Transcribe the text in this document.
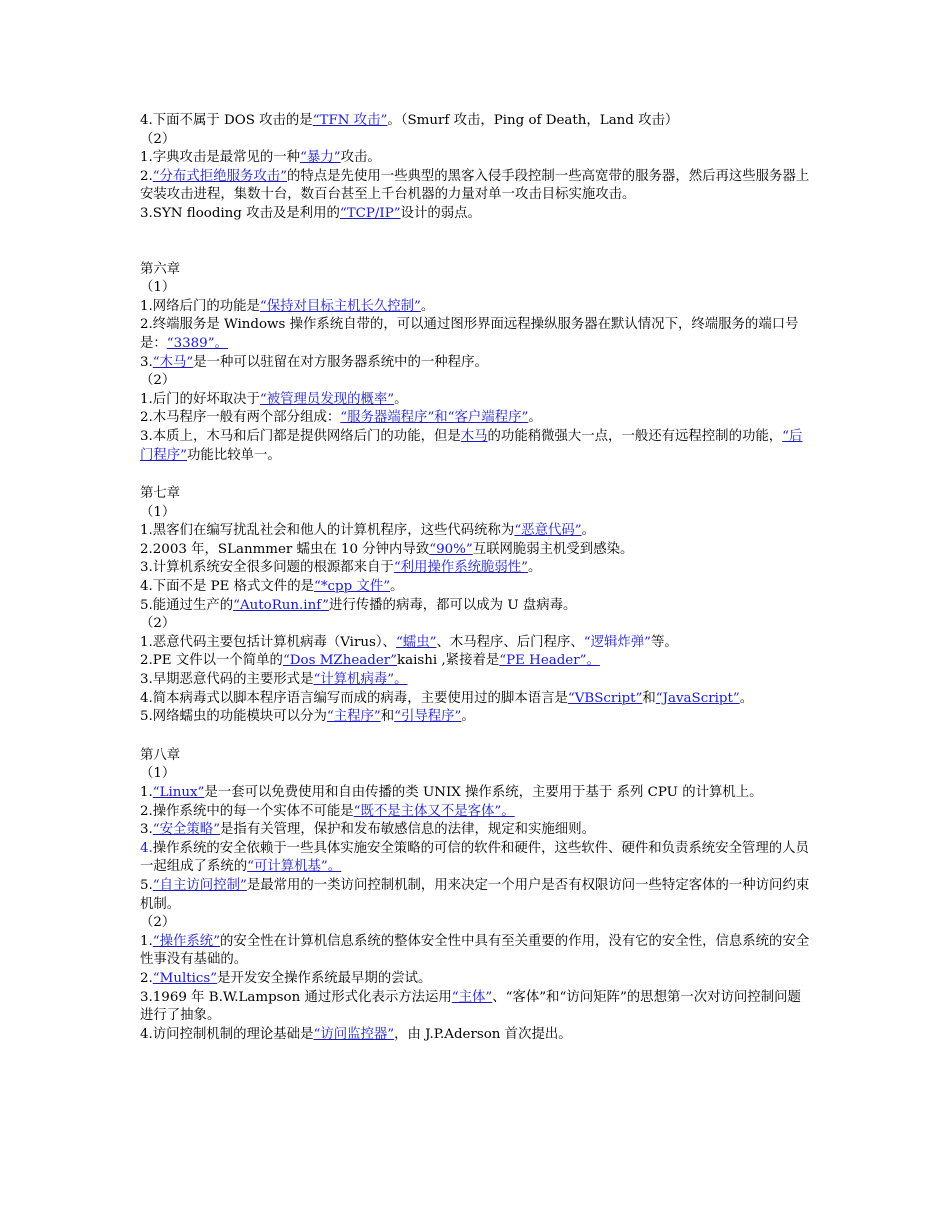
4.下面不属于 DOS 攻击的是“TFN 攻击”。（Smurf 攻击，Ping of Death，Land 攻击）
（2）
1.字典攻击是最常见的一种“暴力”攻击。
2.“分布式拒绝服务攻击”的特点是先使用一些典型的黑客入侵手段控制一些高宽带的服务器，然后再这些服务器上安装攻击进程，集数十台，数百台甚至上千台机器的力量对单一攻击目标实施攻击。
3.SYN flooding 攻击及是利用的“TCP/IP”设计的弱点。
第六章
（1）
1.网络后门的功能是“保持对目标主机长久控制”。
2.终端服务是 Windows 操作系统自带的，可以通过图形界面远程操纵服务器在默认情况下，终端服务的端口号是：“3389”。
3.“木马”是一种可以驻留在对方服务器系统中的一种程序。
（2）
1.后门的好坏取决于“被管理员发现的概率”。
2.木马程序一般有两个部分组成：“服务器端程序”和“客户端程序”。
3.本质上，木马和后门都是提供网络后门的功能，但是木马的功能稍微强大一点，一般还有远程控制的功能，“后门程序”功能比较单一。
第七章
（1）
1.黑客们在编写扰乱社会和他人的计算机程序，这些代码统称为“恶意代码”。
2.2003 年，SLanmmer 蠕虫在 10 分钟内导致“90%”互联网脆弱主机受到感染。
3.计算机系统安全很多问题的根源都来自于“利用操作系统脆弱性”。
4.下面不是 PE 格式文件的是“*cpp 文件”。
5.能通过生产的“AutoRun.inf”进行传播的病毒，都可以成为 U 盘病毒。
（2）
1.恶意代码主要包括计算机病毒（Virus）、“蠕虫”、木马程序、后门程序、“逻辑炸弹”等。
2.PE 文件以一个简单的“Dos MZheader”kaishi ,紧接着是“PE Header”。
3.早期恶意代码的主要形式是“计算机病毒”。
4.简本病毒式以脚本程序语言编写而成的病毒，主要使用过的脚本语言是“VBScript”和“JavaScript”。
5.网络蠕虫的功能模块可以分为“主程序”和“引导程序”。
第八章
（1）
1.“Linux”是一套可以免费使用和自由传播的类 UNIX 操作系统，主要用于基于 系列 CPU 的计算机上。
2.操作系统中的每一个实体不可能是“既不是主体又不是客体”。
3.“安全策略”是指有关管理，保护和发布敏感信息的法律，规定和实施细则。
4.操作系统的安全依赖于一些具体实施安全策略的可信的软件和硬件，这些软件、硬件和负责系统安全管理的人员一起组成了系统的“可计算机基”。
5.“自主访问控制”是最常用的一类访问控制机制，用来决定一个用户是否有权限访问一些特定客体的一种访问约束机制。
（2）
1.“操作系统”的安全性在计算机信息系统的整体安全性中具有至关重要的作用，没有它的安全性，信息系统的安全性事没有基础的。
2.“Multics”是开发安全操作系统最早期的尝试。
3.1969 年 B.W.Lampson 通过形式化表示方法运用“主体”、“客体”和“访问矩阵”的思想第一次对访问控制问题进行了抽象。
4.访问控制机制的理论基础是“访问监控器”，由 J.P.Aderson 首次提出。
